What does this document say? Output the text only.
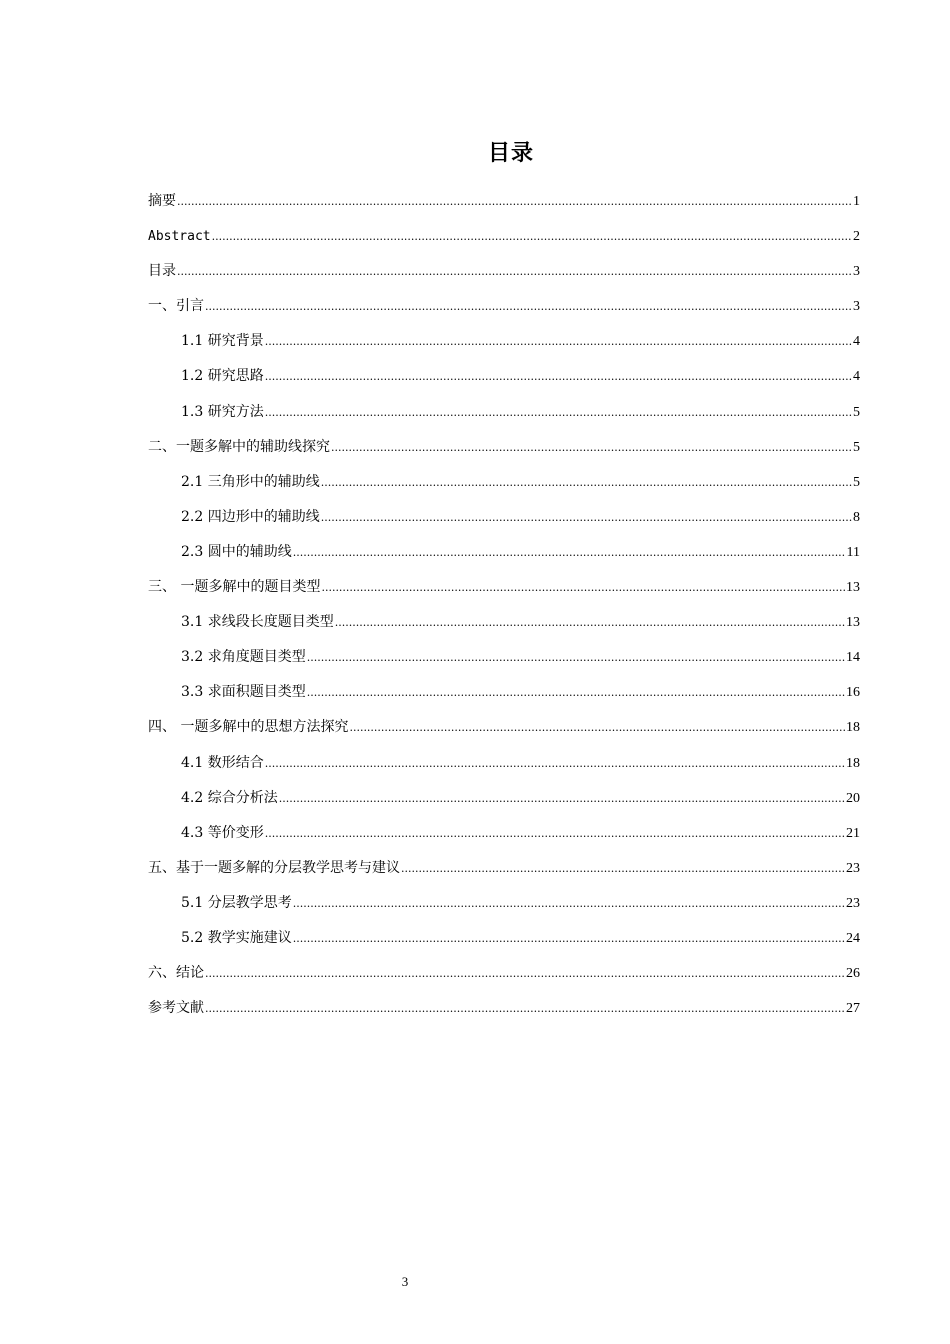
目录
摘要 .....	1
Abstract .....	2
目录 .....	3
一、引言 .....	3
1.1 研究背景 .....	4
1.2 研究思路 .....	4
1.3 研究方法 .....	5
二、一题多解中的辅助线探究 .....	5
2.1 三角形中的辅助线 .....	5
2.2 四边形中的辅助线 .....	8
2.3 圆中的辅助线 .....	11
三、 一题多解中的题目类型 .....	13
3.1 求线段长度题目类型 .....	13
3.2 求角度题目类型 .....	14
3.3 求面积题目类型 .....	16
四、 一题多解中的思想方法探究 .....	18
4.1 数形结合 .....	18
4.2 综合分析法 .....	20
4.3 等价变形 .....	21
五、基于一题多解的分层教学思考与建议 .....	23
5.1 分层教学思考 .....	23
5.2 教学实施建议 .....	24
六、结论 .....	26
参考文献 .....	27
3
